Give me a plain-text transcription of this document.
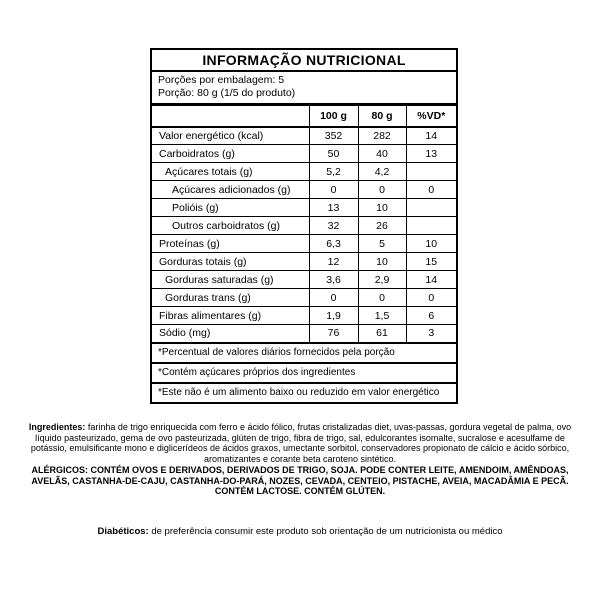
INFORMAÇÃO NUTRICIONAL			

Porções por embalagem: 5
Porção: 80 g (1/5 do produto)			

	100 g	80 g	%VD*
Valor energético (kcal)	352	282	14
Carboidratos (g)	50	40	13
Açúcares totais (g)	5,2	4,2	
Açúcares adicionados (g)	0	0	0
Polióis (g)	13	10	
Outros carboidratos (g)	32	26	
Proteínas (g)	6,3	5	10
Gorduras totais (g)	12	10	15
Gorduras saturadas (g)	3,6	2,9	14
Gorduras trans (g)	0	0	0
Fibras alimentares (g)	1,9	1,5	6
Sódio (mg)	76	61	3
*Percentual de valores diários fornecidos pela porção			
*Contém açúcares próprios dos ingredientes			
*Este não é um alimento baixo ou reduzido em valor energético			
Ingredientes: farinha de trigo enriquecida com ferro e ácido fólico, frutas cristalizadas diet, uvas-passas, gordura vegetal de palma, ovo líquido pasteurizado, gema de ovo pasteurizada, glúten de trigo, fibra de trigo, sal, edulcorantes isomalte, sucralose e acesulfame de potássio, emulsificante mono e diglicerídeos de ácidos graxos, umectante sorbitol, conservadores propionato de cálcio e ácido sórbico, aromatizantes e corante beta caroteno sintético.
ALÉRGICOS: CONTÉM OVOS E DERIVADOS, DERIVADOS DE TRIGO, SOJA. PODE CONTER LEITE, AMENDOIM, AMÊNDOAS, AVELÃS, CASTANHA-DE-CAJU, CASTANHA-DO-PARÁ, NOZES, CEVADA, CENTEIO, PISTACHE, AVEIA, MACADÂMIA E PECÃ.
CONTÉM LACTOSE. CONTÉM GLÚTEN.
Diabéticos: de preferência consumir este produto sob orientação de um nutricionista ou médico
